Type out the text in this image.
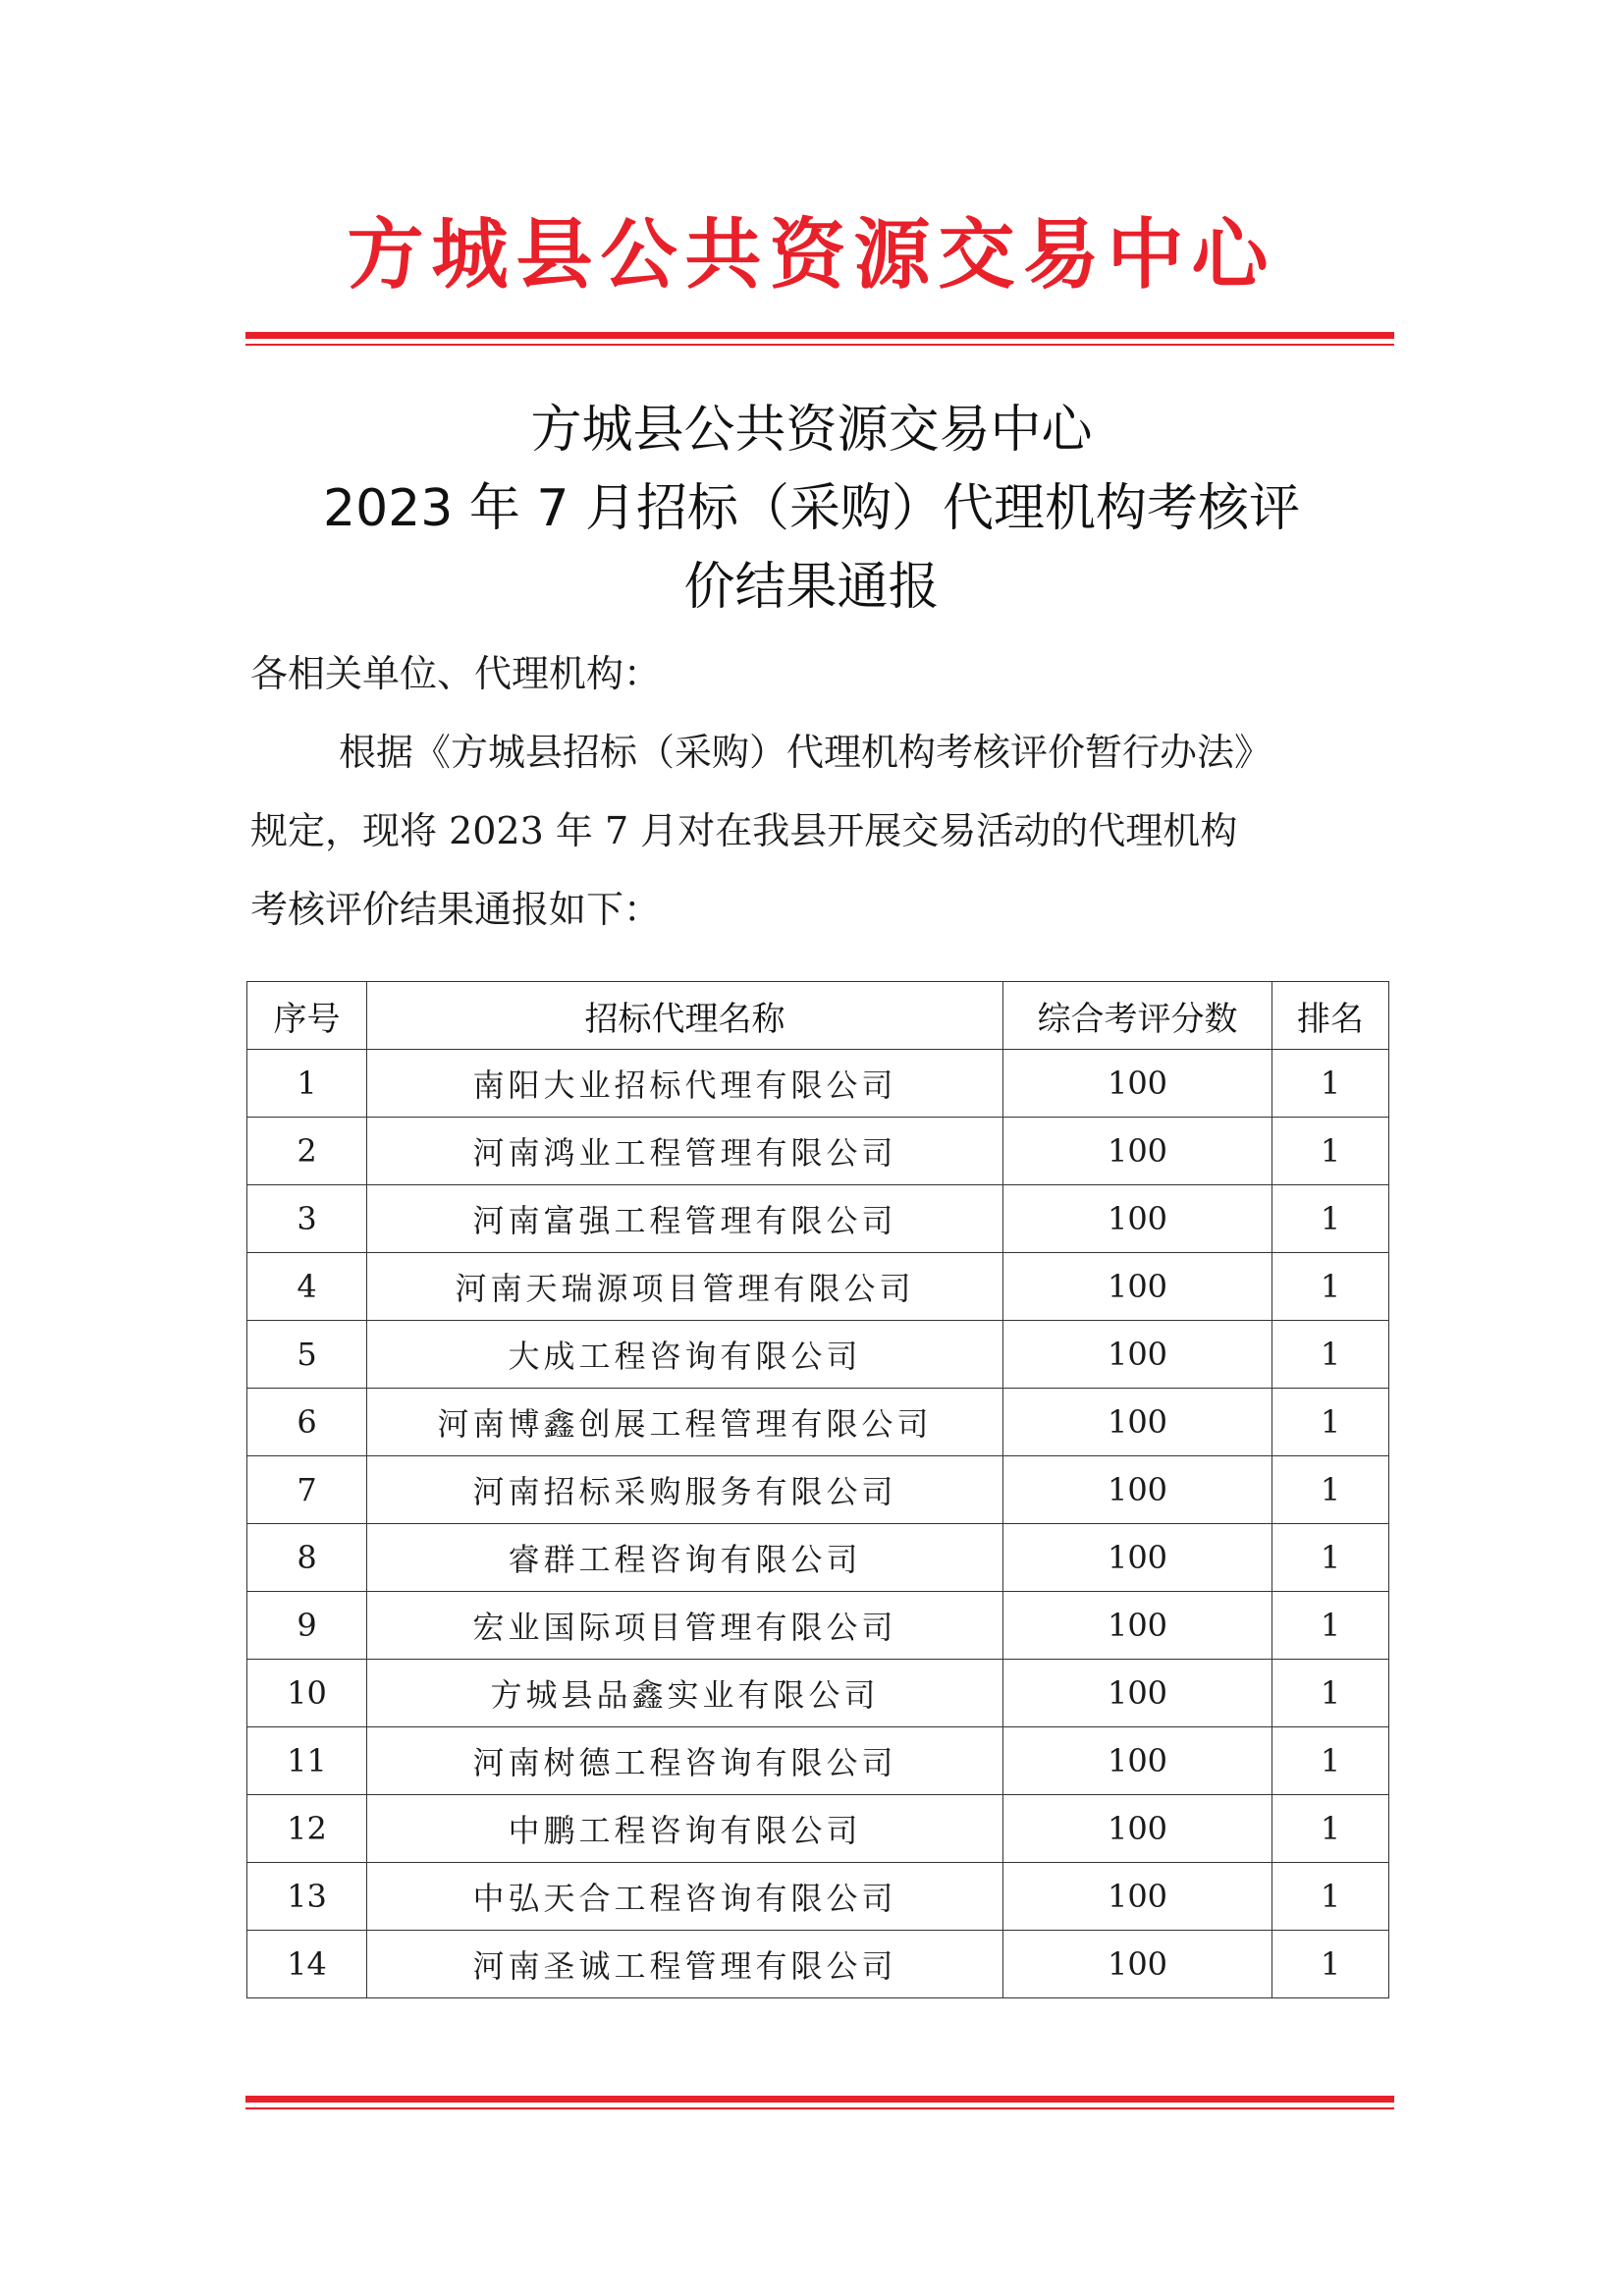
方城县公共资源交易中心
方城县公共资源交易中心
2023 年 7 月招标（采购）代理机构考核评
价结果通报
各相关单位、代理机构：
根据《方城县招标（采购）代理机构考核评价暂行办法》
规定，现将 2023 年 7 月对在我县开展交易活动的代理机构
考核评价结果通报如下：
序号	招标代理名称	综合考评分数	排名
1	南阳大业招标代理有限公司	100	1
2	河南鸿业工程管理有限公司	100	1
3	河南富强工程管理有限公司	100	1
4	河南天瑞源项目管理有限公司	100	1
5	大成工程咨询有限公司	100	1
6	河南博鑫创展工程管理有限公司	100	1
7	河南招标采购服务有限公司	100	1
8	睿群工程咨询有限公司	100	1
9	宏业国际项目管理有限公司	100	1
10	方城县品鑫实业有限公司	100	1
11	河南树德工程咨询有限公司	100	1
12	中鹏工程咨询有限公司	100	1
13	中弘天合工程咨询有限公司	100	1
14	河南圣诚工程管理有限公司	100	1
